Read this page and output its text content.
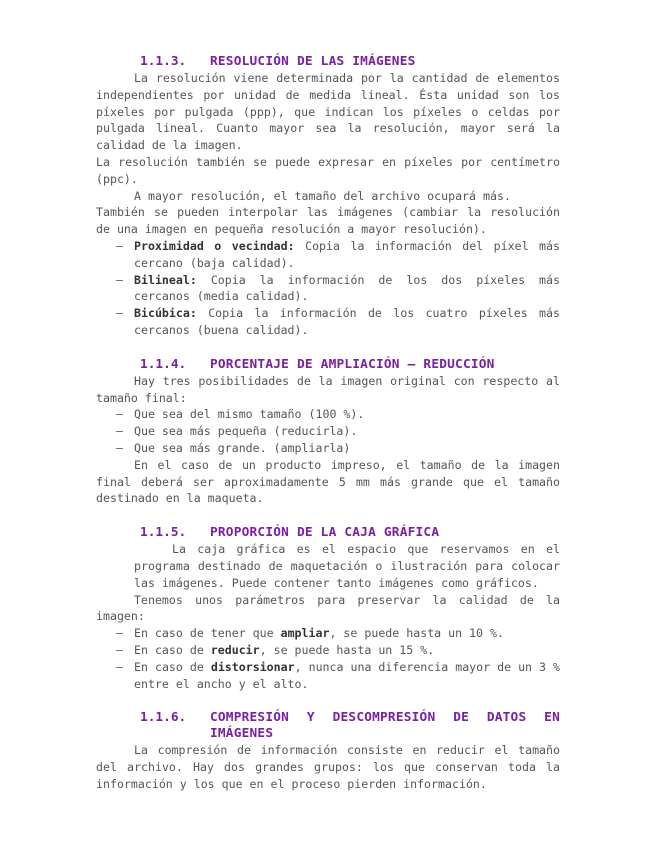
1.1.3.	RESOLUCIÓN DE LAS IMÁGENES

La resolución viene determinada por la cantidad de elementos independientes por unidad de medida lineal. Ésta unidad son los píxeles por pulgada (ppp), que indican los píxeles o celdas por pulgada lineal. Cuanto mayor sea la resolución, mayor será la calidad de la imagen.

La resolución también se puede expresar en píxeles por centímetro (ppc).

A mayor resolución, el tamaño del archivo ocupará más.

También se pueden interpolar las imágenes (cambiar la resolución de una imagen en pequeña resolución a mayor resolución).

– Proximidad o vecindad: Copia la información del píxel más cercano (baja calidad).
– Bilineal: Copia la información de los dos píxeles más cercanos (media calidad).
– Bicúbica: Copia la información de los cuatro píxeles más cercanos (buena calidad).
1.1.4.	PORCENTAJE DE AMPLIACIÓN – REDUCCIÓN

Hay tres posibilidades de la imagen original con respecto al tamaño final:

– Que sea del mismo tamaño (100 %).
– Que sea más pequeña (reducirla).
– Que sea más grande. (ampliarla)

En el caso de un producto impreso, el tamaño de la imagen final deberá ser aproximadamente 5 mm más grande que el tamaño destinado en la maqueta.

1.1.5.	PROPORCIÓN DE LA CAJA GRÁFICA

La caja gráfica es el espacio que reservamos en el programa destinado de maquetación o ilustración para colocar las imágenes. Puede contener tanto imágenes como gráficos.

Tenemos unos parámetros para preservar la calidad de la imagen:

– En caso de tener que ampliar, se puede hasta un 10 %.
– En caso de reducir, se puede hasta un 15 %.
– En caso de distorsionar, nunca una diferencia mayor de un 3 % entre el ancho y el alto.
1.1.6.	COMPRESIÓN Y DESCOMPRESIÓN DE DATOS EN IMÁGENES

La compresión de información consiste en reducir el tamaño del archivo. Hay dos grandes grupos: los que conservan toda la información y los que en el proceso pierden información.
